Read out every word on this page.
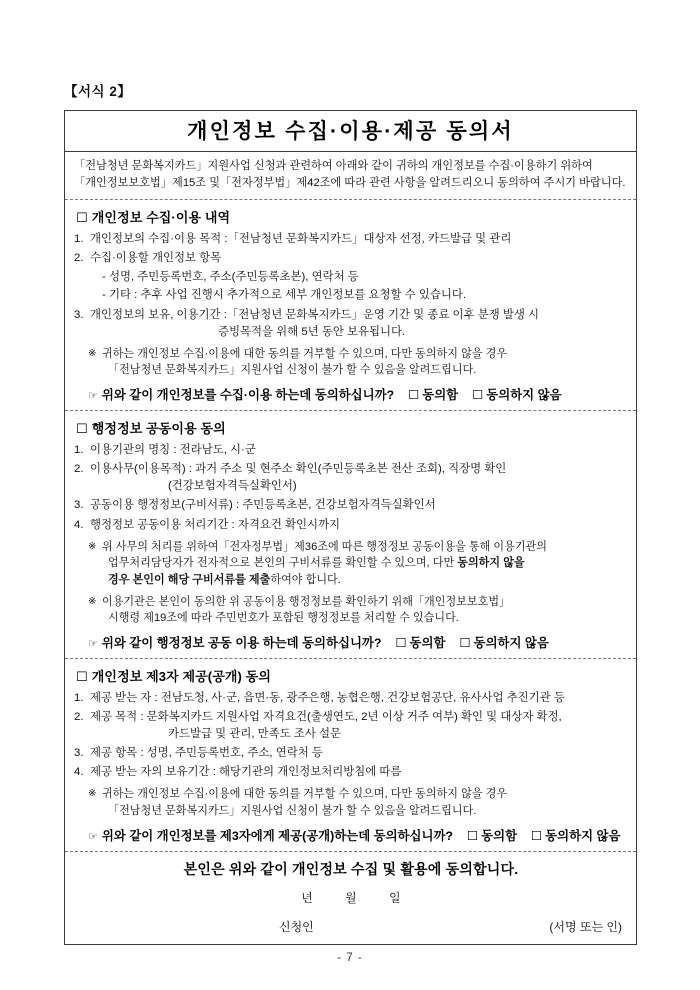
【서식 2】
개인정보 수집·이용·제공 동의서
「전남청년 문화복지카드」지원사업 신청과 관련하여 아래와 같이 귀하의 개인정보를 수집·이용하기 위하여
「개인정보보호법」제15조 및「전자정부법」제42조에 따라 관련 사항을 알려드리오니 동의하여 주시기 바랍니다.
☐ 개인정보 수집·이용 내역
1. 개인정보의 수집·이용 목적 :「전남청년 문화복지카드」대상자 선정, 카드발급 및 관리
2. 수집·이용할 개인정보 항목
- 성명, 주민등록번호, 주소(주민등록초본), 연락처 등
- 기타 : 추후 사업 진행시 추가적으로 세부 개인정보를 요청할 수 있습니다.
3. 개인정보의 보유, 이용기간 :「전남청년 문화복지카드」운영 기간 및 종료 이후 분쟁 발생 시
증빙목적을 위해 5년 동안 보유됩니다.
※ 귀하는 개인정보 수집·이용에 대한 동의를 거부할 수 있으며, 다만 동의하지 않을 경우
「전남청년 문화복지카드」지원사업 신청이 불가 할 수 있음을 알려드립니다.
☞ 위와 같이 개인정보를 수집·이용 하는데 동의하십니까? ☐ 동의함 ☐ 동의하지 않음
☐ 행정정보 공동이용 동의
1. 이용기관의 명칭 : 전라남도, 시·군
2. 이용사무(이용목적) : 과거 주소 및 현주소 확인(주민등록초본 전산 조회), 직장명 확인
(건강보험자격득실확인서)
3. 공동이용 행정정보(구비서류) : 주민등록초본, 건강보험자격득실확인서
4. 행정정보 공동이용 처리기간 : 자격요건 확인시까지
※ 위 사무의 처리를 위하여「전자정부법」제36조에 따른 행정정보 공동이용을 통해 이용기관의
업무처리담당자가 전자적으로 본인의 구비서류를 확인할 수 있으며, 다만 동의하지 않을
경우 본인이 해당 구비서류를 제출하여야 합니다.
※ 이용기관은 본인이 동의한 위 공동이용 행정정보를 확인하기 위해「개인정보보호법」
시행령 제19조에 따라 주민번호가 포함된 행정정보를 처리할 수 있습니다.
☞ 위와 같이 행정정보 공동 이용 하는데 동의하십니까? ☐ 동의함 ☐ 동의하지 않음
☐ 개인정보 제3자 제공(공개) 동의
1. 제공 받는 자 : 전남도청, 사·군, 읍면·동, 광주은행, 농협은행, 건강보험공단, 유사사업 추진기관 등
2. 제공 목적 : 문화복지카드 지원사업 자격요건(출생연도, 2년 이상 거주 여부) 확인 및 대상자 확정,
카드발급 및 관리, 만족도 조사 설문
3. 제공 항목 : 성명, 주민등록번호, 주소, 연락처 등
4. 제공 받는 자의 보유기간 : 해당기관의 개인정보처리방침에 따름
※ 귀하는 개인정보 수집·이용에 대한 동의를 거부할 수 있으며, 다만 동의하지 않을 경우
「전남청년 문화복지카드」지원사업 신청이 불가 할 수 있음을 알려드립니다.
☞ 위와 같이 개인정보를 제3자에게 제공(공개)하는데 동의하십니까? ☐ 동의함 ☐ 동의하지 않음
본인은 위와 같이 개인정보 수집 및 활용에 동의합니다.
년	월	일
신청인	(서명 또는 인)
- 7 -
